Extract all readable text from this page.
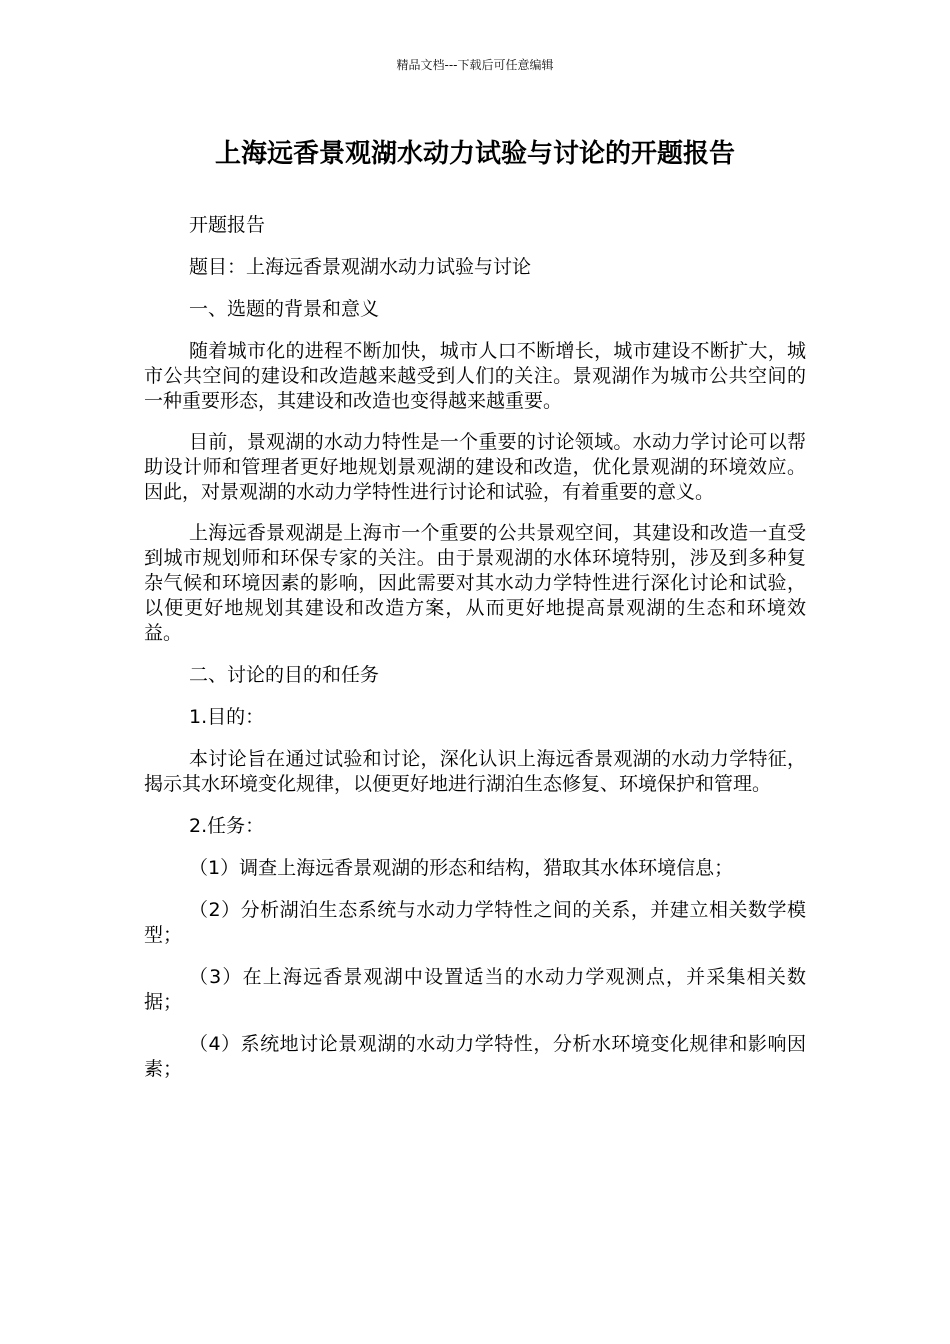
精品文档---下载后可任意编辑
上海远香景观湖水动力试验与讨论的开题报告

开题报告

题目：上海远香景观湖水动力试验与讨论

一、选题的背景和意义

随着城市化的进程不断加快，城市人口不断增长，城市建设不断扩大，城市公共空间的建设和改造越来越受到人们的关注。景观湖作为城市公共空间的一种重要形态，其建设和改造也变得越来越重要。

目前，景观湖的水动力特性是一个重要的讨论领域。水动力学讨论可以帮助设计师和管理者更好地规划景观湖的建设和改造，优化景观湖的环境效应。因此，对景观湖的水动力学特性进行讨论和试验，有着重要的意义。

上海远香景观湖是上海市一个重要的公共景观空间，其建设和改造一直受到城市规划师和环保专家的关注。由于景观湖的水体环境特别，涉及到多种复杂气候和环境因素的影响，因此需要对其水动力学特性进行深化讨论和试验，以便更好地规划其建设和改造方案，从而更好地提高景观湖的生态和环境效益。

二、讨论的目的和任务

1.目的：

本讨论旨在通过试验和讨论，深化认识上海远香景观湖的水动力学特征，揭示其水环境变化规律，以便更好地进行湖泊生态修复、环境保护和管理。

2.任务：

（1）调查上海远香景观湖的形态和结构，猎取其水体环境信息；

（2）分析湖泊生态系统与水动力学特性之间的关系，并建立相关数学模型；

（3）在上海远香景观湖中设置适当的水动力学观测点，并采集相关数据；

（4）系统地讨论景观湖的水动力学特性，分析水环境变化规律和影响因素；
